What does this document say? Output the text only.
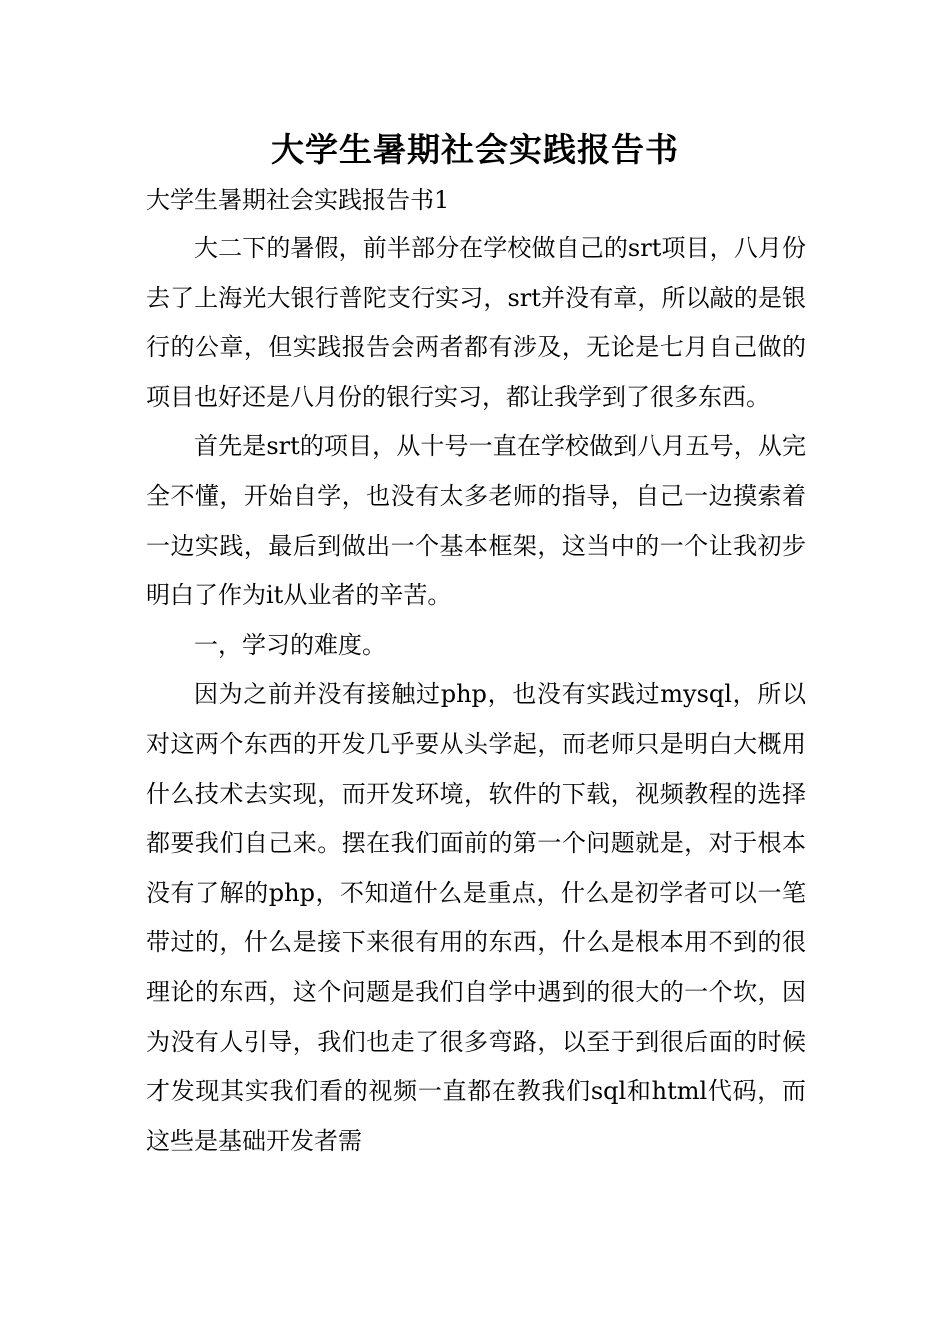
大学生暑期社会实践报告书
大学生暑期社会实践报告书1

大二下的暑假，前半部分在学校做自己的srt项目，八月份去了上海光大银行普陀支行实习，srt并没有章，所以敲的是银行的公章，但实践报告会两者都有涉及，无论是七月自己做的项目也好还是八月份的银行实习，都让我学到了很多东西。

首先是srt的项目，从十号一直在学校做到八月五号，从完全不懂，开始自学，也没有太多老师的指导，自己一边摸索着一边实践，最后到做出一个基本框架，这当中的一个让我初步明白了作为it从业者的辛苦。

一，学习的难度。

因为之前并没有接触过php，也没有实践过mysql，所以对这两个东西的开发几乎要从头学起，而老师只是明白大概用什么技术去实现，而开发环境，软件的下载，视频教程的选择都要我们自己来。摆在我们面前的第一个问题就是，对于根本没有了解的php，不知道什么是重点，什么是初学者可以一笔带过的，什么是接下来很有用的东西，什么是根本用不到的很理论的东西，这个问题是我们自学中遇到的很大的一个坎，因为没有人引导，我们也走了很多弯路，以至于到很后面的时候才发现其实我们看的视频一直都在教我们sql和html代码，而这些是基础开发者需
